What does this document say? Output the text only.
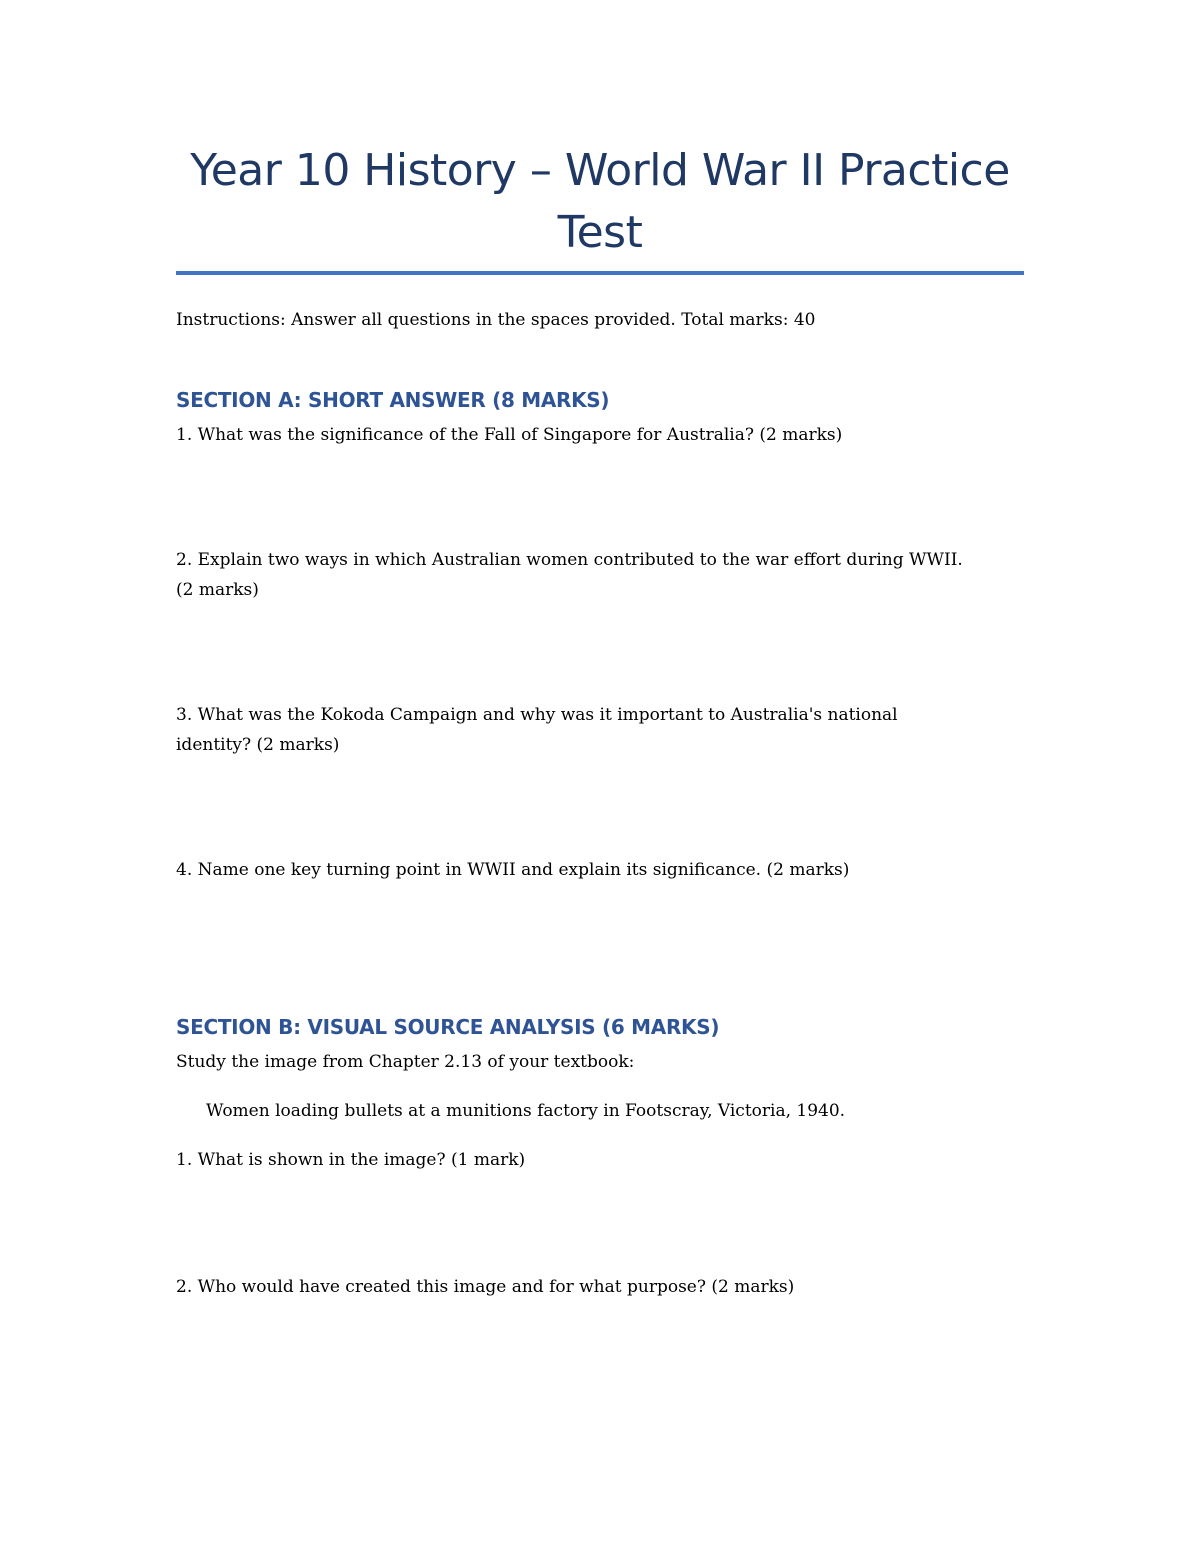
Year 10 History – World War II Practice Test

Instructions: Answer all questions in the spaces provided. Total marks: 40

SECTION A: SHORT ANSWER (8 MARKS)

1. What was the significance of the Fall of Singapore for Australia? (2 marks)

2. Explain two ways in which Australian women contributed to the war effort during WWII.

(2 marks)

3. What was the Kokoda Campaign and why was it important to Australia's national

identity? (2 marks)

4. Name one key turning point in WWII and explain its significance. (2 marks)

SECTION B: VISUAL SOURCE ANALYSIS (6 MARKS)

Study the image from Chapter 2.13 of your textbook:

Women loading bullets at a munitions factory in Footscray, Victoria, 1940.

1. What is shown in the image? (1 mark)

2. Who would have created this image and for what purpose? (2 marks)
